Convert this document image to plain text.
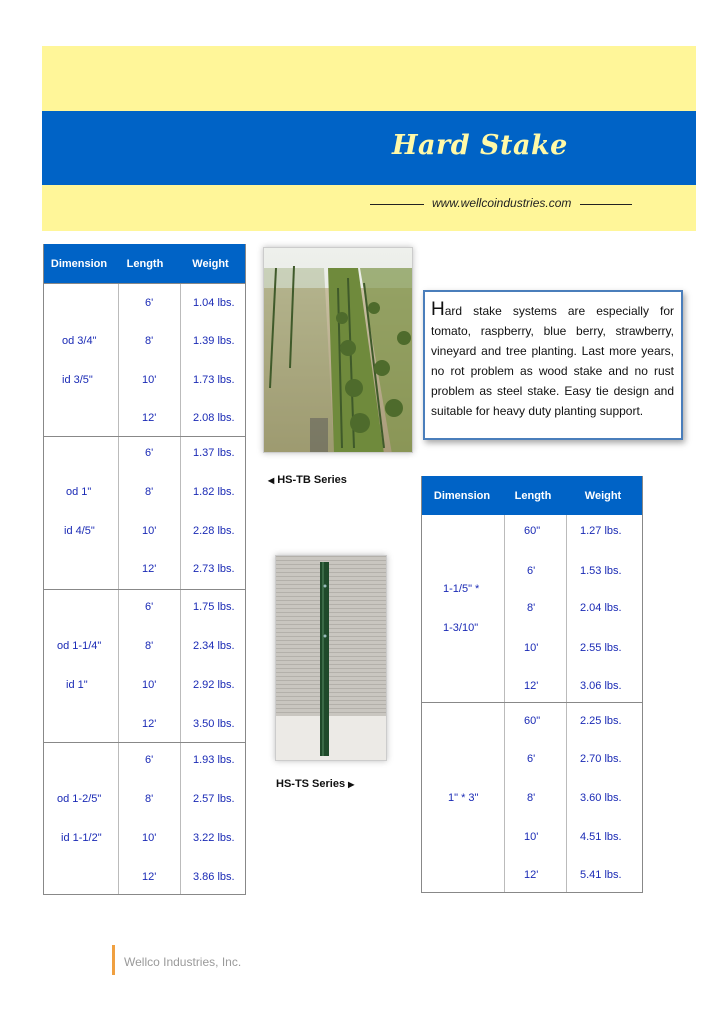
Hard Stake
www.wellcoindustries.com
Dimension	Length	Weight
od 3/4"
id 3/5"
6'	1.04 lbs.
8'	1.39 lbs.
10'	1.73 lbs.
12'	2.08 lbs.
od 1"
id 4/5"
6'	1.37 lbs.
8'	1.82 lbs.
10'	2.28 lbs.
12'	2.73 lbs.
od 1-1/4"
id 1"
6'	1.75 lbs.
8'	2.34 lbs.
10'	2.92 lbs.
12'	3.50 lbs.
od 1-2/5"
id 1-1/2"
6'	1.93 lbs.
8'	2.57 lbs.
10'	3.22 lbs.
12'	3.86 lbs.
◀ HS-TB Series
HS-TS Series ▶
Hard stake systems are especially for tomato, raspberry, blue berry, strawberry, vineyard and tree planting. Last more years, no rot problem as wood stake and no rust problem as steel stake. Easy tie design and suitable for heavy duty planting support.
Dimension	Length	Weight
1-1/5" *
1-3/10"
60"	1.27 lbs.
6'	1.53 lbs.
8'	2.04 lbs.
10'	2.55 lbs.
12'	3.06 lbs.
1" * 3"
60"	2.25 lbs.
6'	2.70 lbs.
8'	3.60 lbs.
10'	4.51 lbs.
12'	5.41 lbs.
Wellco Industries, Inc.
